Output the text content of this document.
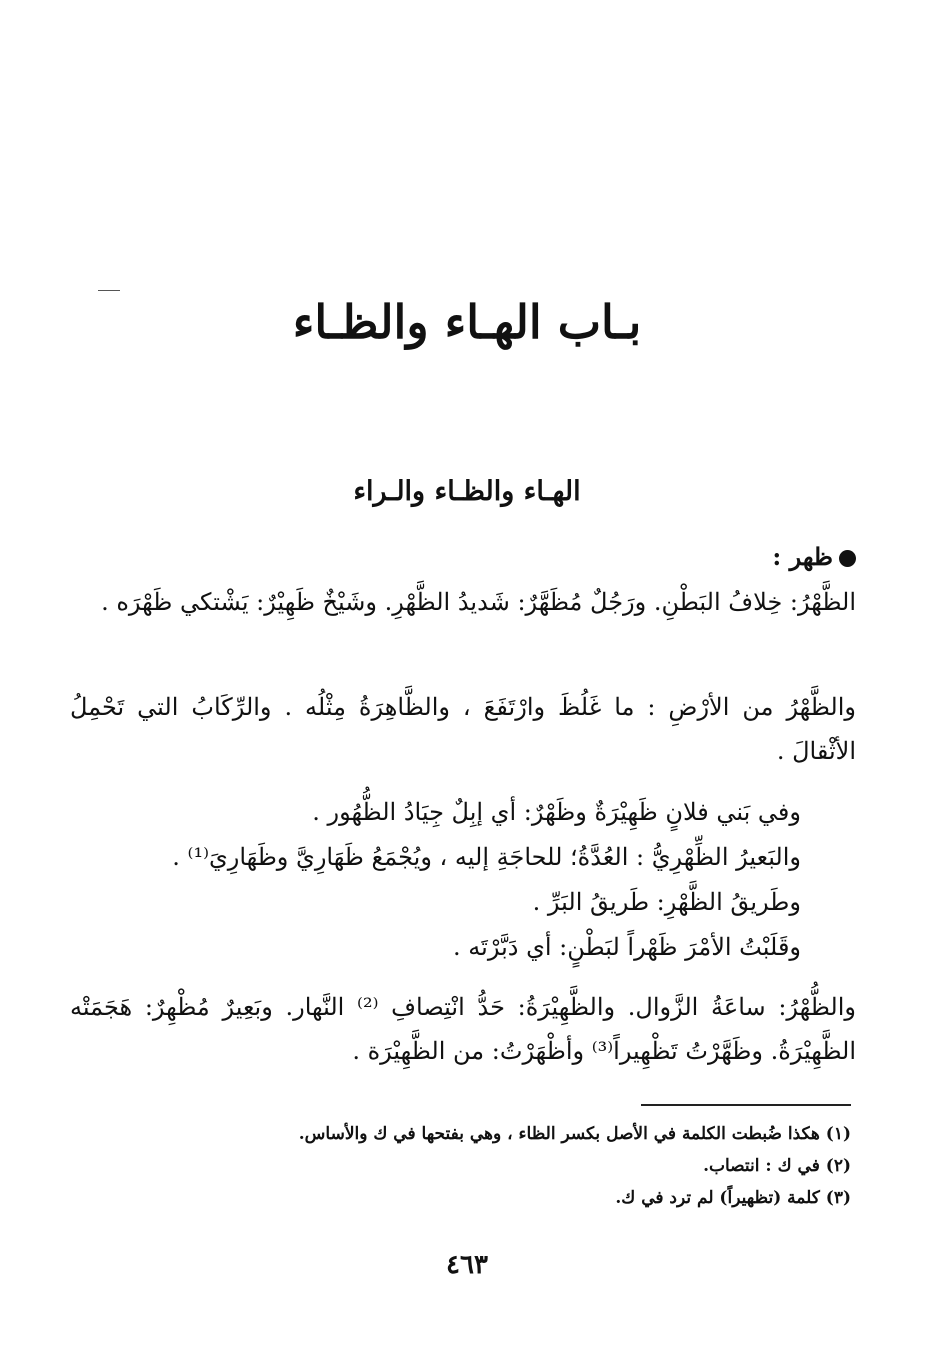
بـاب الهـاء والظـاء
الهـاء والظـاء والـراء
ظهر :

الظَّهْرُ: خِلافُ البَطْنِ. ورَجُلٌ مُظَهَّرٌ: شَديدُ الظَّهْرِ. وشَيْخٌ ظَهِيْرٌ: يَشْتكي ظَهْرَه .

والظَّهْرُ من الأرْضِ : ما غَلُظَ وارْتَفَعَ ، والظَّاهِرَةُ مِثْلُه . والرِّكَابُ التي تَحْمِلُ الأثْقالَ .

وفي بَني فلانٍ ظَهِيْرَةٌ وظَهْرٌ: أي إبِلٌ جِيَادُ الظُّهُور .

والبَعيرُ الظِّهْرِيُّ : العُدَّةُ؛ للحاجَةِ إليه ، ويُجْمَعُ ظَهَارِيَّ وظَهَارِيَ⁽¹⁾ .

وطَريقُ الظَّهْرِ: طَريقُ البَرِّ .

وقَلَبْتُ الأمْرَ ظَهْراً لبَطْنٍ: أي دَبَّرْتَه .

والظُّهْرُ: ساعَةُ الزَّوال. والظَّهِيْرَةُ: حَدُّ انْتِصافِ ⁽²⁾ النَّهار. وبَعِيرٌ مُظْهِرٌ: هَجَمَتْه الظَّهِيْرَةُ. وظَهَّرْتُ تَظْهِيراً⁽³⁾ وأظْهَرْتُ: من الظَّهِيْرَة .

(١) هكذا ضُبطت الكلمة في الأصل بكسر الظاء ، وهي بفتحها في ك والأساس.

(٢) في ك : انتصاب.

(٣) كلمة (تظهيراً) لم ترد في ك.

٤٦٣
